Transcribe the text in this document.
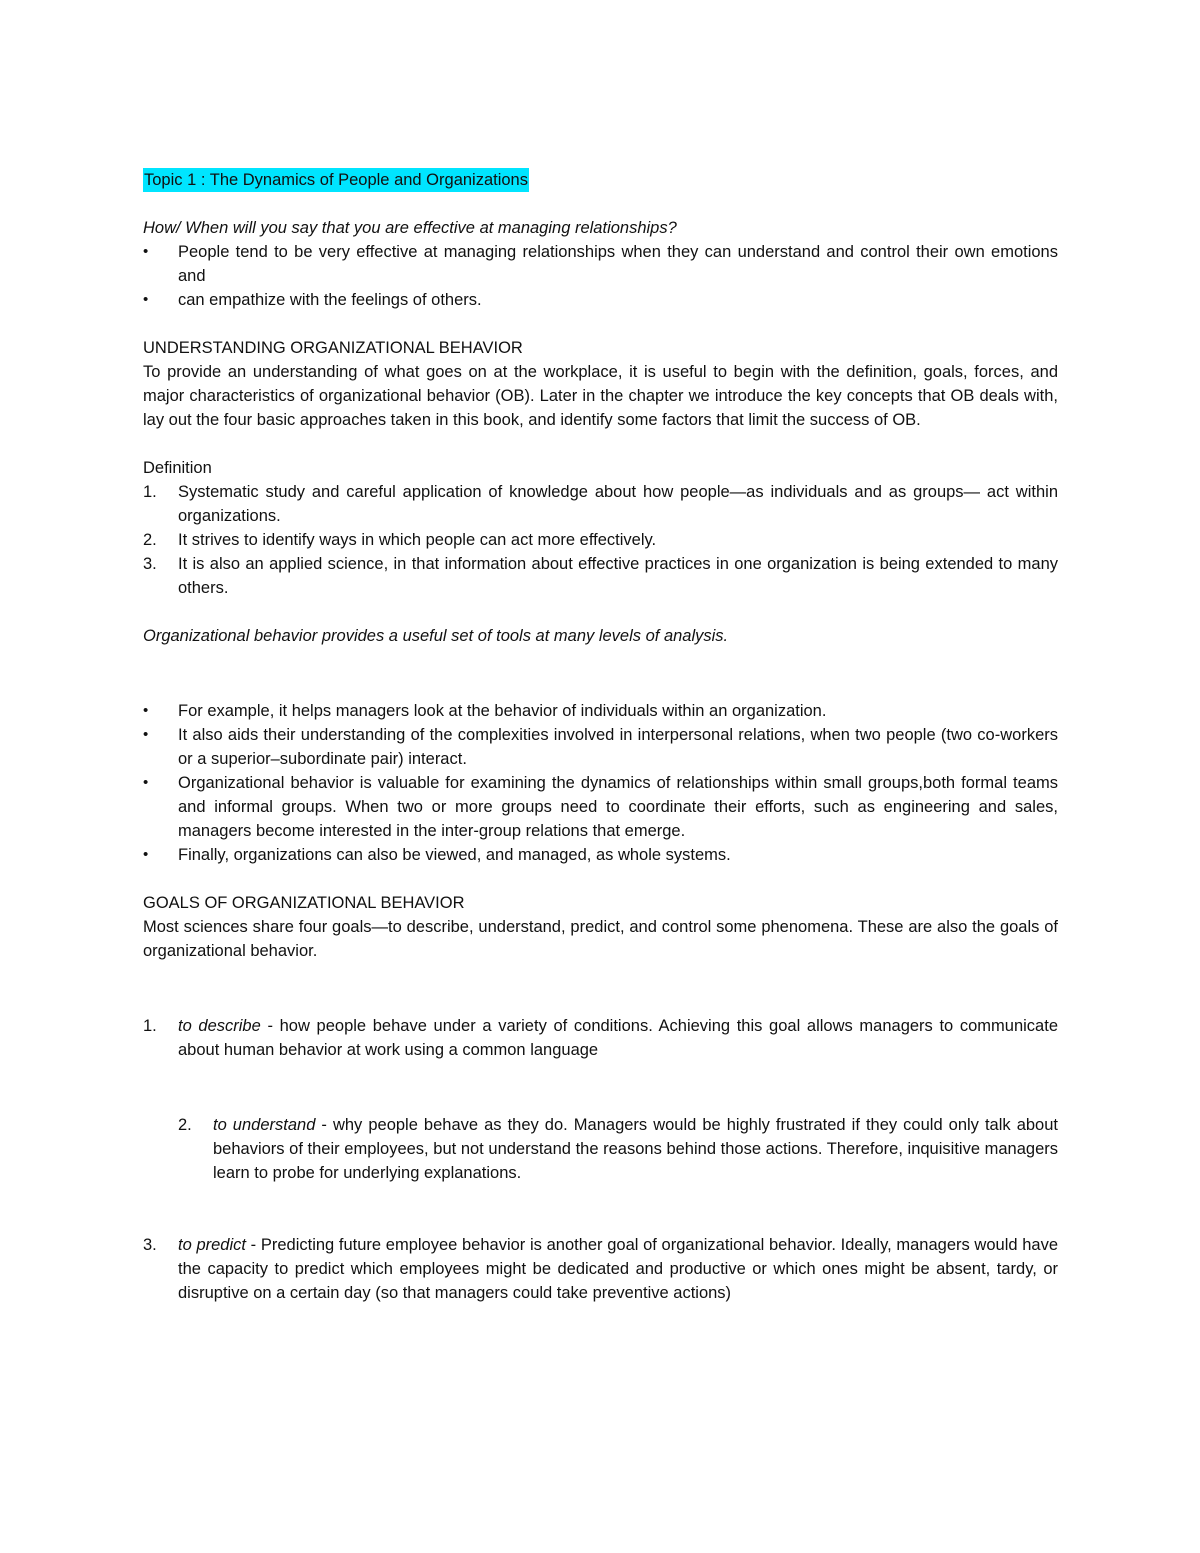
Topic 1 : The Dynamics of People and Organizations

How/ When will you say that you are effective at managing relationships?

• People tend to be very effective at managing relationships when they can understand and control their own emotions and
• can empathize with the feelings of others.

UNDERSTANDING ORGANIZATIONAL BEHAVIOR

To provide an understanding of what goes on at the workplace, it is useful to begin with the definition, goals, forces, and major characteristics of organizational behavior (OB). Later in the chapter we introduce the key concepts that OB deals with, lay out the four basic approaches taken in this book, and identify some factors that limit the success of OB.

Definition

1. Systematic study and careful application of knowledge about how people—as individuals and as groups— act within organizations.
2. It strives to identify ways in which people can act more effectively.
3. It is also an applied science, in that information about effective practices in one organization is being extended to many others.

Organizational behavior provides a useful set of tools at many levels of analysis.

• For example, it helps managers look at the behavior of individuals within an organization.
• It also aids their understanding of the complexities involved in interpersonal relations, when two people (two co-workers or a superior–subordinate pair) interact.
• Organizational behavior is valuable for examining the dynamics of relationships within small groups,both formal teams and informal groups. When two or more groups need to coordinate their efforts, such as engineering and sales, managers become interested in the inter-group relations that emerge.
• Finally, organizations can also be viewed, and managed, as whole systems.

GOALS OF ORGANIZATIONAL BEHAVIOR

Most sciences share four goals—to describe, understand, predict, and control some phenomena. These are also the goals of organizational behavior.

1. to describe - how people behave under a variety of conditions. Achieving this goal allows managers to communicate about human behavior at work using a common language
2. to understand - why people behave as they do. Managers would be highly frustrated if they could only talk about behaviors of their employees, but not understand the reasons behind those actions. Therefore, inquisitive managers learn to probe for underlying explanations.
3. to predict - Predicting future employee behavior is another goal of organizational behavior. Ideally, managers would have the capacity to predict which employees might be dedicated and productive or which ones might be absent, tardy, or disruptive on a certain day (so that managers could take preventive actions)
